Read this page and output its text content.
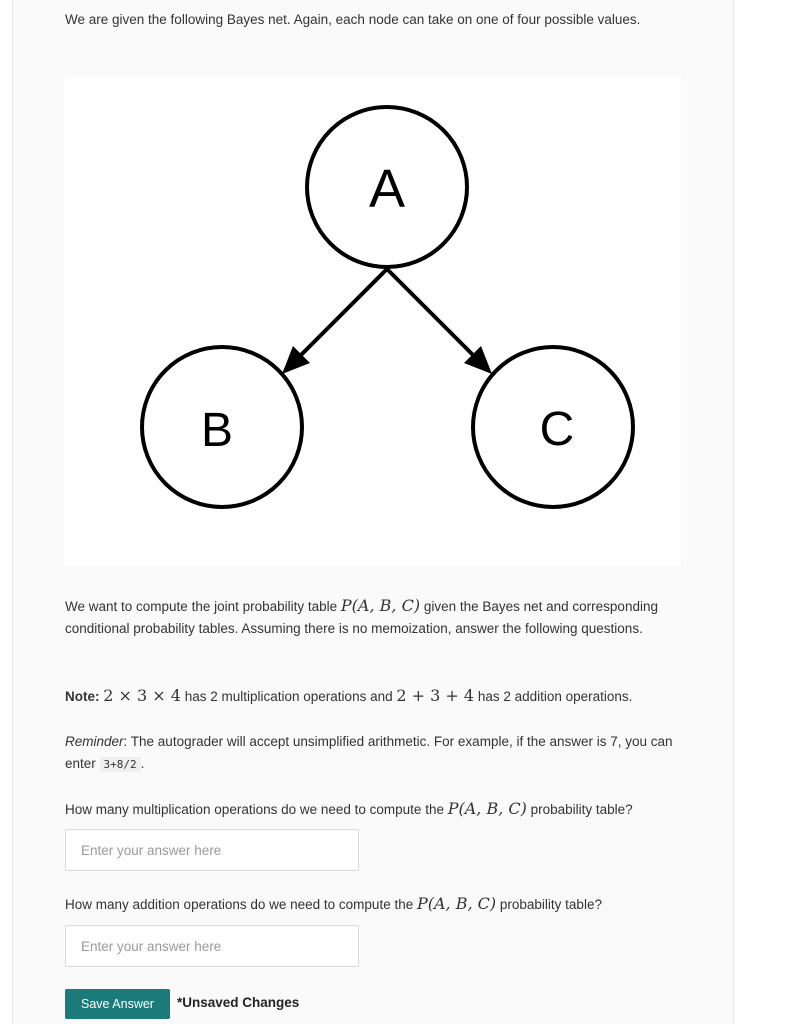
We are given the following Bayes net. Again, each node can take on one of four possible values.

A
B	C

We want to compute the joint probability table P(A, B, C) given the Bayes net and corresponding conditional probability tables. Assuming there is no memoization, answer the following questions.

Note: 2 × 3 × 4 has 2 multiplication operations and 2 + 3 + 4 has 2 addition operations.

Reminder: The autograder will accept unsimplified arithmetic. For example, if the answer is 7, you can enter 3+8/2 .

How many multiplication operations do we need to compute the P(A, B, C) probability table?

Enter your answer here

How many addition operations do we need to compute the P(A, B, C) probability table?

Enter your answer here
Save Answer	*Unsaved Changes
